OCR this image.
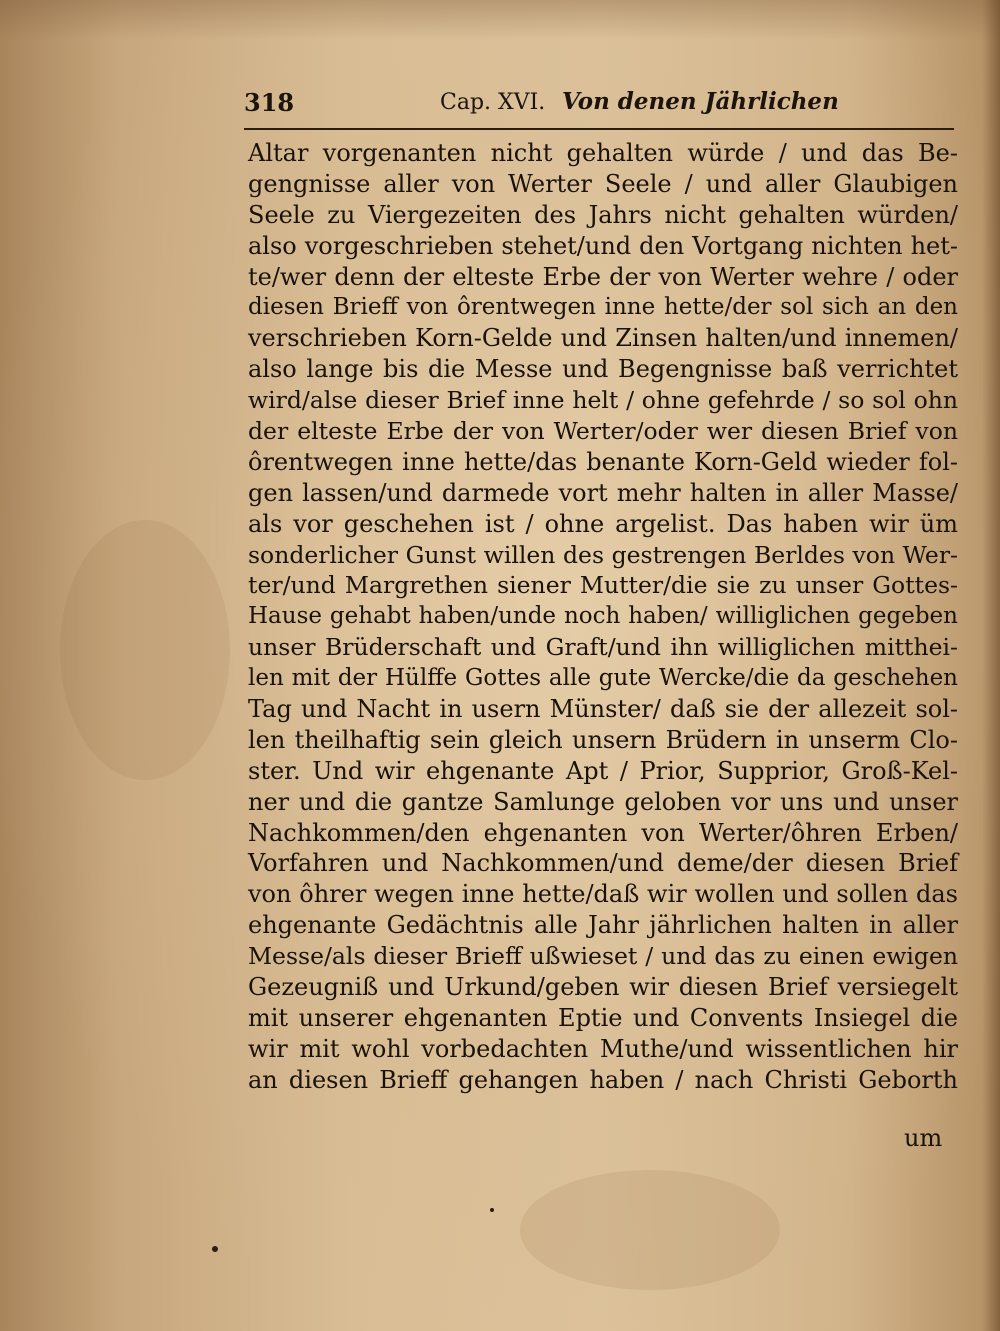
318	Cap. XVI. Von denen Jährlichen
Altar vorgenanten nicht gehalten würde / und das Be-
gengnisse aller von Werter Seele / und aller Glaubigen
Seele zu Viergezeiten des Jahrs nicht gehalten würden/
also vorgeschrieben stehet/und den Vortgang nichten het-
te/wer denn der elteste Erbe der von Werter wehre / oder
diesen Brieff von ôrentwegen inne hette/der sol sich an den
verschrieben Korn-Gelde und Zinsen halten/und innemen/
also lange bis die Messe und Begengnisse baß verrichtet
wird/alse dieser Brief inne helt / ohne gefehrde / so sol ohn
der elteste Erbe der von Werter/oder wer diesen Brief von
ôrentwegen inne hette/das benante Korn-Geld wieder fol-
gen lassen/und darmede vort mehr halten in aller Masse/
als vor geschehen ist / ohne argelist. Das haben wir üm
sonderlicher Gunst willen des gestrengen Berldes von Wer-
ter/und Margrethen siener Mutter/die sie zu unser Gottes-
Hause gehabt haben/unde noch haben/ williglichen gegeben
unser Brüderschaft und Graft/und ihn williglichen mitthei-
len mit der Hülffe Gottes alle gute Wercke/die da geschehen
Tag und Nacht in usern Münster/ daß sie der allezeit sol-
len theilhaftig sein gleich unsern Brüdern in unserm Clo-
ster. Und wir ehgenante Apt / Prior, Supprior, Groß-Kel-
ner und die gantze Samlunge geloben vor uns und unser
Nachkommen/den ehgenanten von Werter/ôhren Erben/
Vorfahren und Nachkommen/und deme/der diesen Brief
von ôhrer wegen inne hette/daß wir wollen und sollen das
ehgenante Gedächtnis alle Jahr jährlichen halten in aller
Messe/als dieser Brieff ußwieset / und das zu einen ewigen
Gezeugniß und Urkund/geben wir diesen Brief versiegelt
mit unserer ehgenanten Eptie und Convents Insiegel die
wir mit wohl vorbedachten Muthe/und wissentlichen hir
an diesen Brieff gehangen haben / nach Christi Geborth
um
